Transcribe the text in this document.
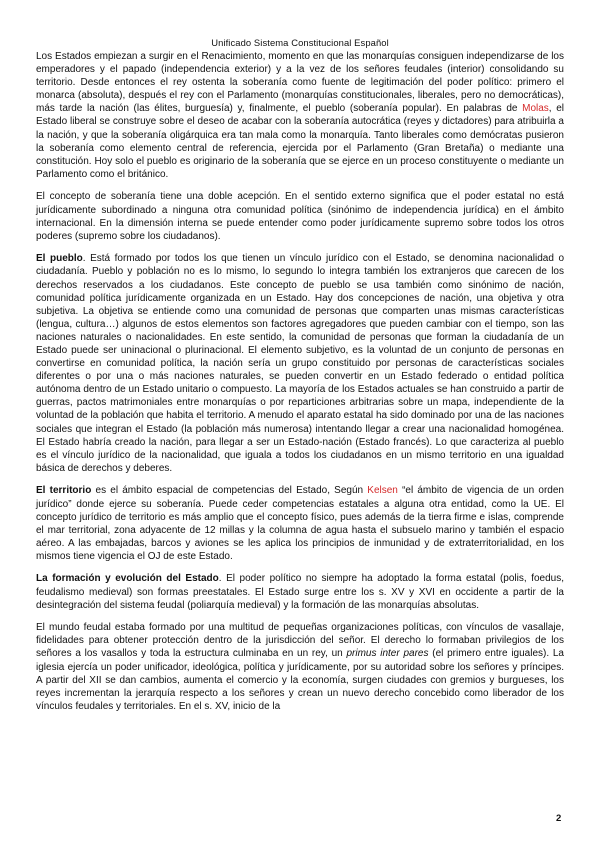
Unificado Sistema Constitucional Español

Los Estados empiezan a surgir en el Renacimiento, momento en que las monarquías consiguen independizarse de los emperadores y el papado (independencia exterior) y a la vez de los señores feudales (interior) consolidando su territorio. Desde entonces el rey ostenta la soberanía como fuente de legitimación del poder político: primero el monarca (absoluta), después el rey con el Parlamento (monarquías constitucionales, liberales, pero no democráticas), más tarde la nación (las élites, burguesía) y, finalmente, el pueblo (soberanía popular). En palabras de Molas, el Estado liberal se construye sobre el deseo de acabar con la soberanía autocrática (reyes y dictadores) para atribuirla a la nación, y que la soberanía oligárquica era tan mala como la monarquía. Tanto liberales como demócratas pusieron la soberanía como elemento central de referencia, ejercida por el Parlamento (Gran Bretaña) o mediante una constitución. Hoy solo el pueblo es originario de la soberanía que se ejerce en un proceso constituyente o mediante un Parlamento como el británico.

El concepto de soberanía tiene una doble acepción. En el sentido externo significa que el poder estatal no está jurídicamente subordinado a ninguna otra comunidad política (sinónimo de independencia jurídica) en el ámbito internacional. En la dimensión interna se puede entender como poder jurídicamente supremo sobre todos los otros poderes (supremo sobre los ciudadanos).

El pueblo. Está formado por todos los que tienen un vínculo jurídico con el Estado, se denomina nacionalidad o ciudadanía. Pueblo y población no es lo mismo, lo segundo lo integra también los extranjeros que carecen de los derechos reservados a los ciudadanos. Este concepto de pueblo se usa también como sinónimo de nación, comunidad política jurídicamente organizada en un Estado. Hay dos concepciones de nación, una objetiva y otra subjetiva. La objetiva se entiende como una comunidad de personas que comparten unas mismas características (lengua, cultura…) algunos de estos elementos son factores agregadores que pueden cambiar con el tiempo, son las naciones naturales o nacionalidades. En este sentido, la comunidad de personas que forman la ciudadanía de un Estado puede ser uninacional o plurinacional. El elemento subjetivo, es la voluntad de un conjunto de personas en convertirse en comunidad política, la nación sería un grupo constituido por personas de características sociales diferentes o por una o más naciones naturales, se pueden convertir en un Estado federado o entidad política autónoma dentro de un Estado unitario o compuesto. La mayoría de los Estados actuales se han construido a partir de guerras, pactos matrimoniales entre monarquías o por reparticiones arbitrarias sobre un mapa, independiente de la voluntad de la población que habita el territorio. A menudo el aparato estatal ha sido dominado por una de las naciones sociales que integran el Estado (la población más numerosa) intentando llegar a crear una nacionalidad homogénea. El Estado habría creado la nación, para llegar a ser un Estado-nación (Estado francés). Lo que caracteriza al pueblo es el vínculo jurídico de la nacionalidad, que iguala a todos los ciudadanos en un mismo territorio en una igualdad básica de derechos y deberes.

El territorio es el ámbito espacial de competencias del Estado, Según Kelsen “el ámbito de vigencia de un orden jurídico” donde ejerce su soberanía. Puede ceder competencias estatales a alguna otra entidad, como la UE. El concepto jurídico de territorio es más amplio que el concepto físico, pues además de la tierra firme e islas, comprende el mar territorial, zona adyacente de 12 millas y la columna de agua hasta el subsuelo marino y también el espacio aéreo. A las embajadas, barcos y aviones se les aplica los principios de inmunidad y de extraterritorialidad, en los mismos tiene vigencia el OJ de este Estado.

La formación y evolución del Estado. El poder político no siempre ha adoptado la forma estatal (polis, foedus, feudalismo medieval) son formas preestatales. El Estado surge entre los s. XV y XVI en occidente a partir de la desintegración del sistema feudal (poliarquía medieval) y la formación de las monarquías absolutas.

El mundo feudal estaba formado por una multitud de pequeñas organizaciones políticas, con vínculos de vasallaje, fidelidades para obtener protección dentro de la jurisdicción del señor. El derecho lo formaban privilegios de los señores a los vasallos y toda la estructura culminaba en un rey, un primus inter pares (el primero entre iguales). La iglesia ejercía un poder unificador, ideológica, política y jurídicamente, por su autoridad sobre los señores y príncipes. A partir del XII se dan cambios, aumenta el comercio y la economía, surgen ciudades con gremios y burgueses, los reyes incrementan la jerarquía respecto a los señores y crean un nuevo derecho concebido como liberador de los vínculos feudales y territoriales. En el s. XV, inicio de la

2
